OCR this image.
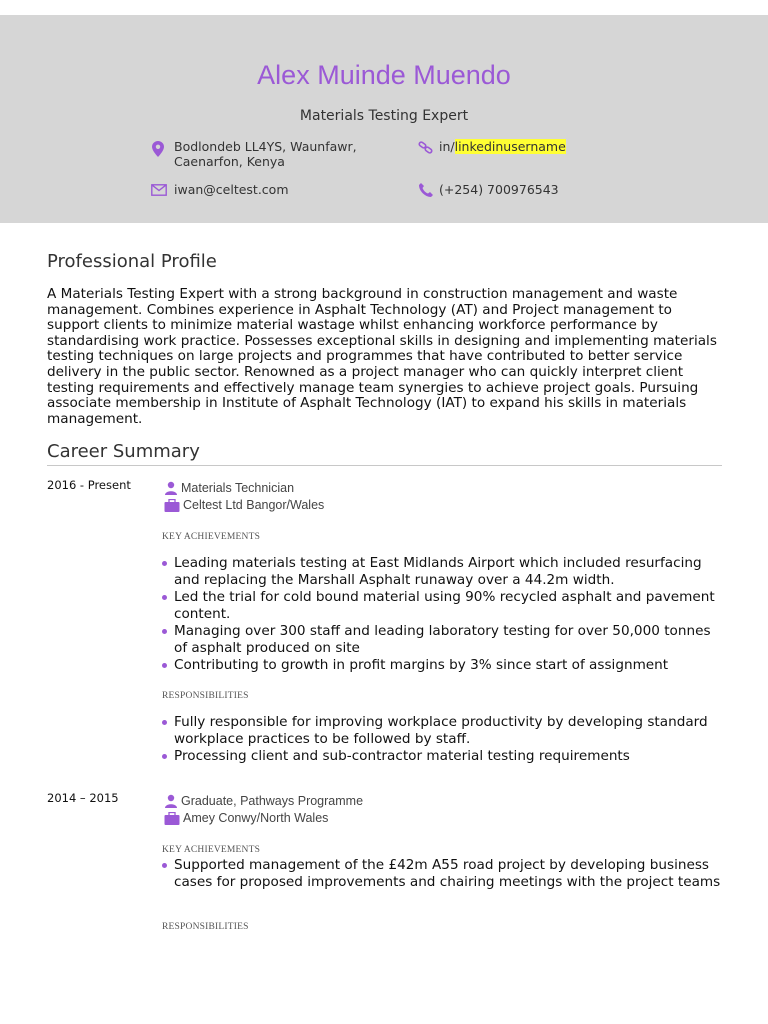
Alex Muinde Muendo
Materials Testing Expert
Bodlondeb LL4YS, Waunfawr,
Caenarfon, Kenya
in/linkedinusername
iwan@celtest.com	(+254) 700976543
Professional Profile
A Materials Testing Expert with a strong background in construction management and waste management. Combines experience in Asphalt Technology (AT) and Project management to support clients to minimize material wastage whilst enhancing workforce performance by standardising work practice. Possesses exceptional skills in designing and implementing materials testing techniques on large projects and programmes that have contributed to better service delivery in the public sector. Renowned as a project manager who can quickly interpret client testing requirements and effectively manage team synergies to achieve project goals. Pursuing associate membership in Institute of Asphalt Technology (IAT) to expand his skills in materials management.
Career Summary
2016 - Present	Materials Technician
Celtest Ltd Bangor/Wales
KEY ACHIEVEMENTS
Leading materials testing at East Midlands Airport which included resurfacing and replacing the Marshall Asphalt runaway over a 44.2m width.
Led the trial for cold bound material using 90% recycled asphalt and pavement content.
Managing over 300 staff and leading laboratory testing for over 50,000 tonnes of asphalt produced on site
Contributing to growth in profit margins by 3% since start of assignment
RESPONSIBILITIES
Fully responsible for improving workplace productivity by developing standard workplace practices to be followed by staff.
Processing client and sub-contractor material testing requirements
2014 – 2015	Graduate, Pathways Programme
Amey Conwy/North Wales
KEY ACHIEVEMENTS
Supported management of the £42m A55 road project by developing business cases for proposed improvements and chairing meetings with the project teams
RESPONSIBILITIES
